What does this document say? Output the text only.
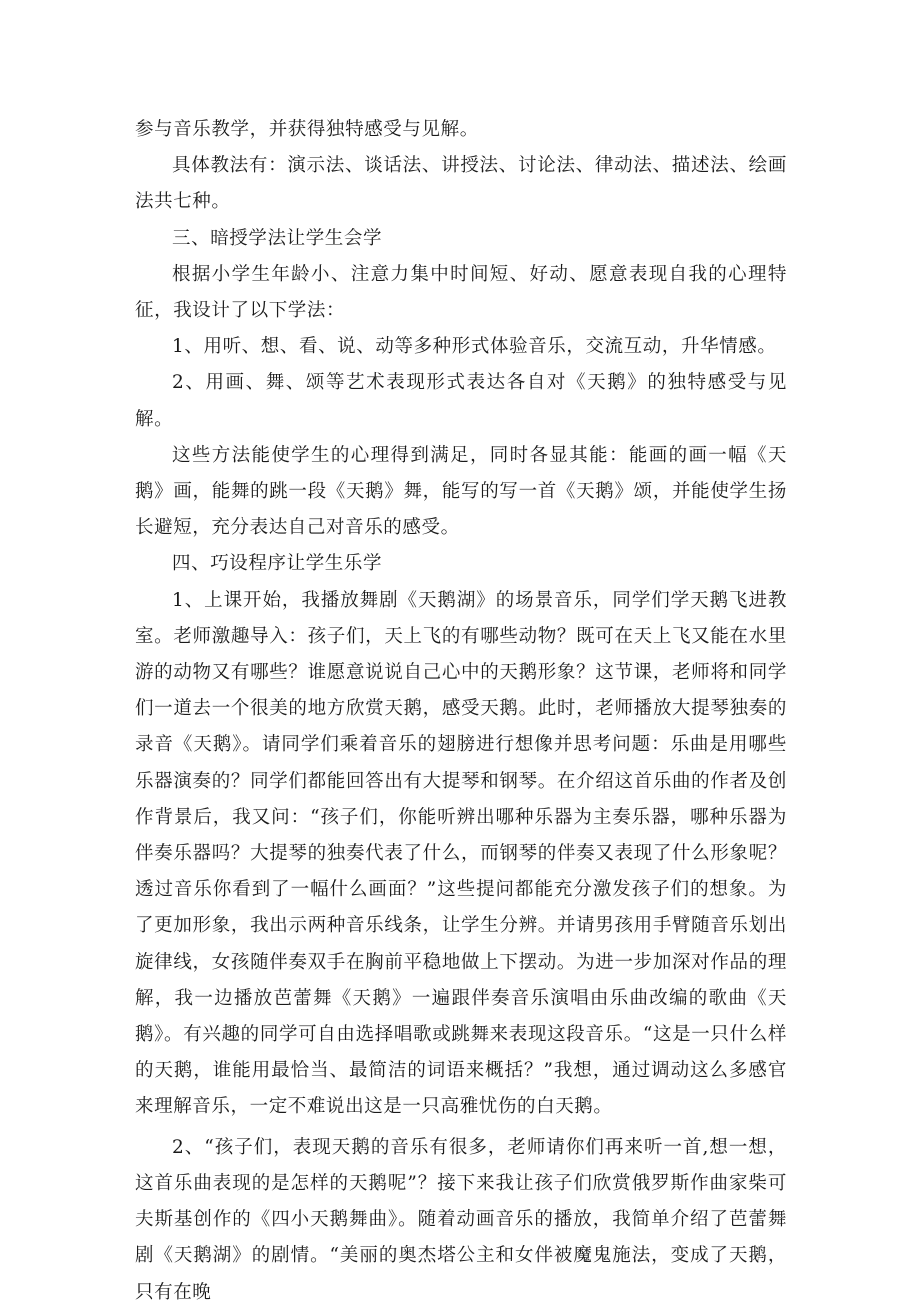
参与音乐教学，并获得独特感受与见解。

具体教法有：演示法、谈话法、讲授法、讨论法、律动法、描述法、绘画法共七种。

三、暗授学法让学生会学

根据小学生年龄小、注意力集中时间短、好动、愿意表现自我的心理特征，我设计了以下学法：

1、用听、想、看、说、动等多种形式体验音乐，交流互动，升华情感。

2、用画、舞、颂等艺术表现形式表达各自对《天鹅》的独特感受与见解。

这些方法能使学生的心理得到满足，同时各显其能：能画的画一幅《天鹅》画，能舞的跳一段《天鹅》舞，能写的写一首《天鹅》颂，并能使学生扬长避短，充分表达自己对音乐的感受。

四、巧设程序让学生乐学

1、上课开始，我播放舞剧《天鹅湖》的场景音乐，同学们学天鹅飞进教室。老师激趣导入：孩子们，天上飞的有哪些动物？既可在天上飞又能在水里游的动物又有哪些？谁愿意说说自己心中的天鹅形象？这节课，老师将和同学们一道去一个很美的地方欣赏天鹅，感受天鹅。此时，老师播放大提琴独奏的录音《天鹅》。请同学们乘着音乐的翅膀进行想像并思考问题：乐曲是用哪些乐器演奏的？同学们都能回答出有大提琴和钢琴。在介绍这首乐曲的作者及创作背景后，我又问：“孩子们，你能听辨出哪种乐器为主奏乐器，哪种乐器为伴奏乐器吗？大提琴的独奏代表了什么，而钢琴的伴奏又表现了什么形象呢？透过音乐你看到了一幅什么画面？”这些提问都能充分激发孩子们的想象。为了更加形象，我出示两种音乐线条，让学生分辨。并请男孩用手臂随音乐划出旋律线，女孩随伴奏双手在胸前平稳地做上下摆动。为进一步加深对作品的理解，我一边播放芭蕾舞《天鹅》一遍跟伴奏音乐演唱由乐曲改编的歌曲《天鹅》。有兴趣的同学可自由选择唱歌或跳舞来表现这段音乐。“这是一只什么样的天鹅，谁能用最恰当、最简洁的词语来概括？”我想，通过调动这么多感官来理解音乐，一定不难说出这是一只高雅忧伤的白天鹅。

2、“孩子们，表现天鹅的音乐有很多，老师请你们再来听一首,想一想，这首乐曲表现的是怎样的天鹅呢”？接下来我让孩子们欣赏俄罗斯作曲家柴可夫斯基创作的《四小天鹅舞曲》。随着动画音乐的播放，我简单介绍了芭蕾舞剧《天鹅湖》的剧情。“美丽的奥杰塔公主和女伴被魔鬼施法，变成了天鹅，只有在晚
